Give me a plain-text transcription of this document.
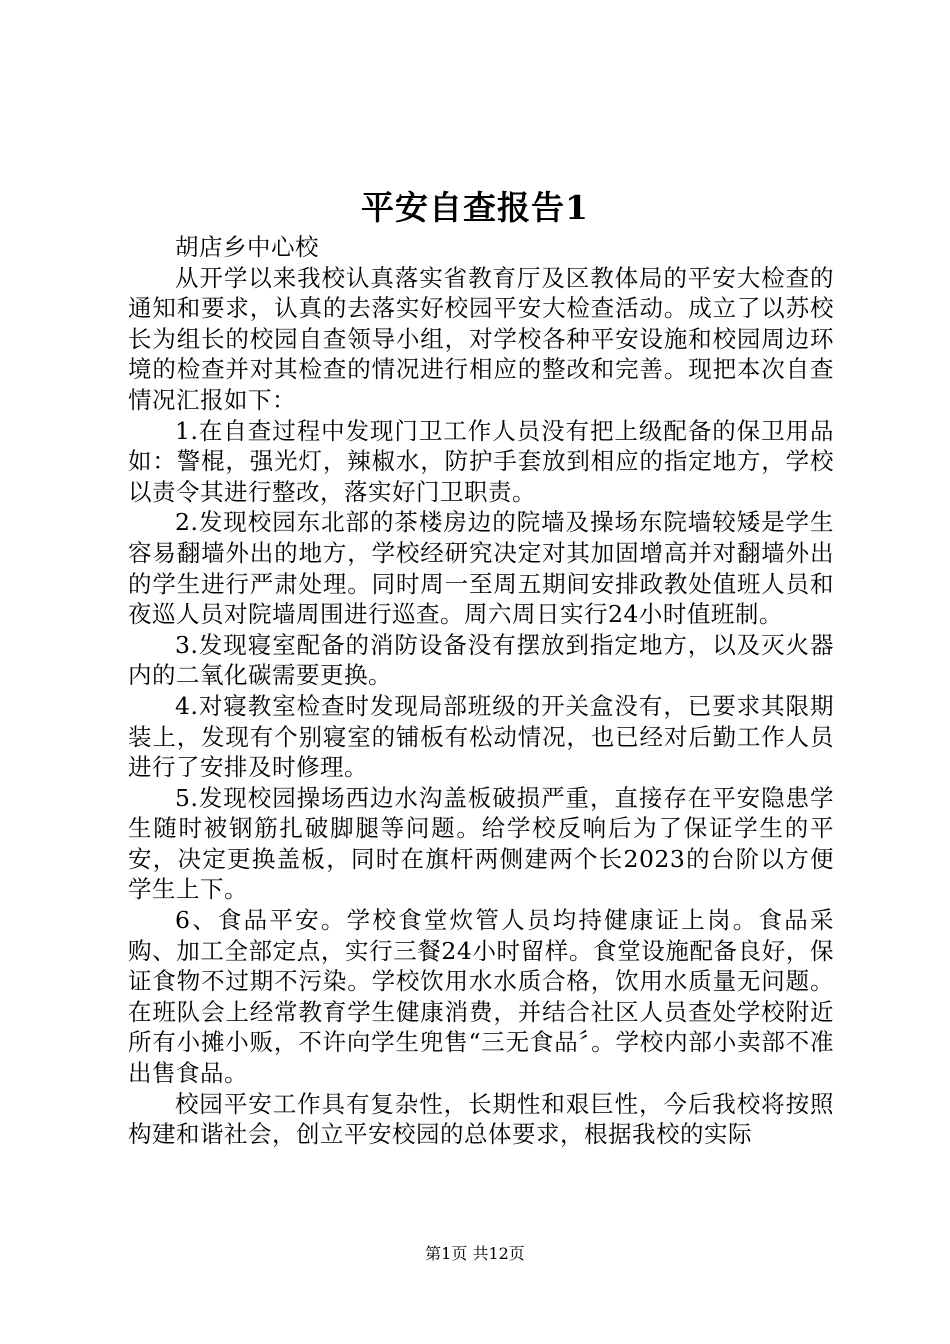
平安自查报告1

胡店乡中心校

从开学以来我校认真落实省教育厅及区教体局的平安大检查的通知和要求，认真的去落实好校园平安大检查活动。成立了以苏校长为组长的校园自查领导小组，对学校各种平安设施和校园周边环境的检查并对其检查的情况进行相应的整改和完善。现把本次自查情况汇报如下：

1.在自查过程中发现门卫工作人员没有把上级配备的保卫用品如：警棍，强光灯，辣椒水，防护手套放到相应的指定地方，学校以责令其进行整改，落实好门卫职责。

2.发现校园东北部的茶楼房边的院墙及操场东院墙较矮是学生容易翻墙外出的地方，学校经研究决定对其加固增高并对翻墙外出的学生进行严肃处理。同时周一至周五期间安排政教处值班人员和夜巡人员对院墙周围进行巡查。周六周日实行24小时值班制。

3.发现寝室配备的消防设备没有摆放到指定地方，以及灭火器内的二氧化碳需要更换。

4.对寝教室检查时发现局部班级的开关盒没有，已要求其限期装上，发现有个别寝室的铺板有松动情况，也已经对后勤工作人员进行了安排及时修理。

5.发现校园操场西边水沟盖板破损严重，直接存在平安隐患学生随时被钢筋扎破脚腿等问题。给学校反响后为了保证学生的平安，决定更换盖板，同时在旗杆两侧建两个长2023的台阶以方便学生上下。

6、食品平安。学校食堂炊管人员均持健康证上岗。食品采购、加工全部定点，实行三餐24小时留样。食堂设施配备良好，保证食物不过期不污染。学校饮用水水质合格，饮用水质量无问题。在班队会上经常教育学生健康消费，并结合社区人员查处学校附近所有小摊小贩，不许向学生兜售“三无食品〞。学校内部小卖部不准出售食品。

校园平安工作具有复杂性，长期性和艰巨性，今后我校将按照构建和谐社会，创立平安校园的总体要求，根据我校的实际

第1页 共12页
